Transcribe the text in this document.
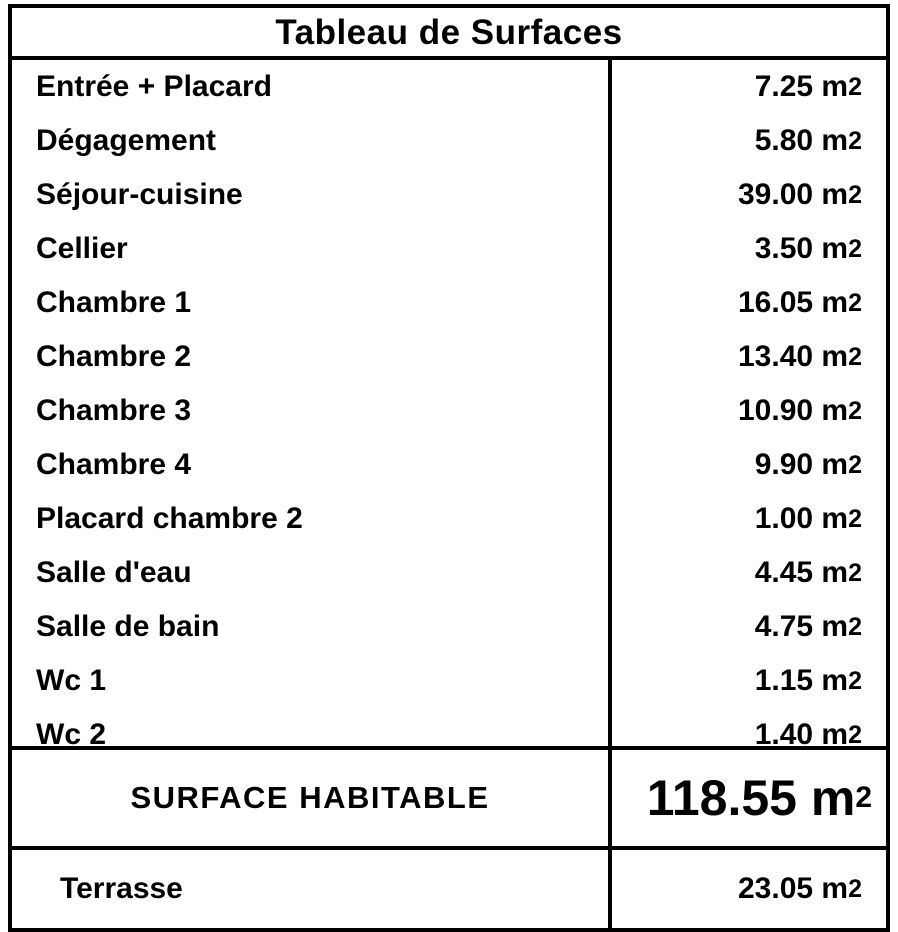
Tableau de Surfaces
Entrée + Placard	7.25 m 2
Dégagement	5.80 m 2
Séjour-cuisine	39.00 m 2
Cellier	3.50 m 2
Chambre 1	16.05 m 2
Chambre 2	13.40 m 2
Chambre 3	10.90 m 2
Chambre 4	9.90 m 2
Placard chambre 2	1.00 m 2
Salle d'eau	4.45 m 2
Salle de bain	4.75 m 2
Wc 1	1.15 m 2
Wc 2	1.40 m 2
SURFACE HABITABLE	118.55 m 2
Terrasse	23.05 m 2
